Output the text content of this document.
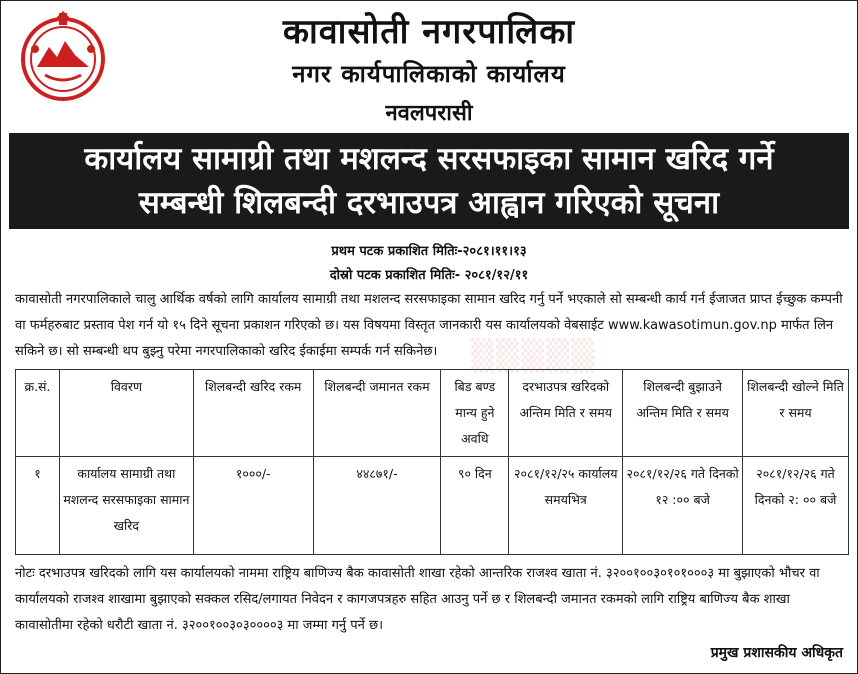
कावासोती नगरपालिका
नगर कार्यपालिकाको कार्यालय
नवलपरासी
कार्यालय सामाग्री तथा मशलन्द सरसफाइका सामान खरिद गर्ने
सम्बन्धी शिलबन्दी दरभाउपत्र आह्वान गरिएको सूचना
प्रथम पटक प्रकाशित मितिः-२०८१।११।१३
दोस्रो पटक प्रकाशित मितिः- २०८१/१२/११
कावासोती नगरपालिकाले चालु आर्थिक वर्षको लागि कार्यालय सामाग्री तथा मशलन्द सरसफाइका सामान खरिद गर्नु पर्ने भएकाले सो सम्बन्धी कार्य गर्न ईजाजत प्राप्त ईच्छुक कम्पनी वा फर्महरुबाट प्रस्ताव पेश गर्न यो १५ दिने सूचना प्रकाशन गरिएको छ। यस विषयमा विस्तृत जानकारी यस कार्यालयको वेबसाईट www.kawasotimun.gov.np मार्फत लिन सकिने छ। सो सम्बन्धी थप बुझ्नु परेमा नगरपालिकाको खरिद ईकाईमा सम्पर्क गर्न सकिनेछ।	▒▒▒▒▒
क्र.सं.	विवरण	शिलबन्दी खरिद रकम	शिलबन्दी जमानत रकम	बिड बण्ड मान्य हुने अवधि	दरभाउपत्र खरिदको अन्तिम मिति र समय	शिलबन्दी बुझाउने अन्तिम मिति र समय	शिलबन्दी खोल्ने मिति र समय
१	कार्यालय सामाग्री तथा मशलन्द सरसफाइका सामान खरिद	१०००/-	४४८७१/-	९० दिन	२०८१/१२/२५ कार्यालय समयभित्र	२०८१/१२/२६ गते दिनको १२ :०० बजे	२०८१/१२/२६ गते दिनको २: ०० बजे
नोटः दरभाउपत्र खरिदको लागि यस कार्यालयको नाममा राष्ट्रिय बाणिज्य बैक कावासोती शाखा रहेको आन्तरिक राजश्व खाता नं. ३२००१००३०१०१०००३ मा बुझाएको भौचर वा कार्यालयको राजश्व शाखामा बुझाएको सक्कल रसिद/लगायत निवेदन र कागजपत्रहरु सहित आउनु पर्ने छ र शिलबन्दी जमानत रकमको लागि राष्ट्रिय बाणिज्य बैक शाखा कावासोतीमा रहेको धरौटी खाता नं. ३२००१००३०३००००३ मा जम्मा गर्नु पर्ने छ।
प्रमुख प्रशासकीय अधिकृत
